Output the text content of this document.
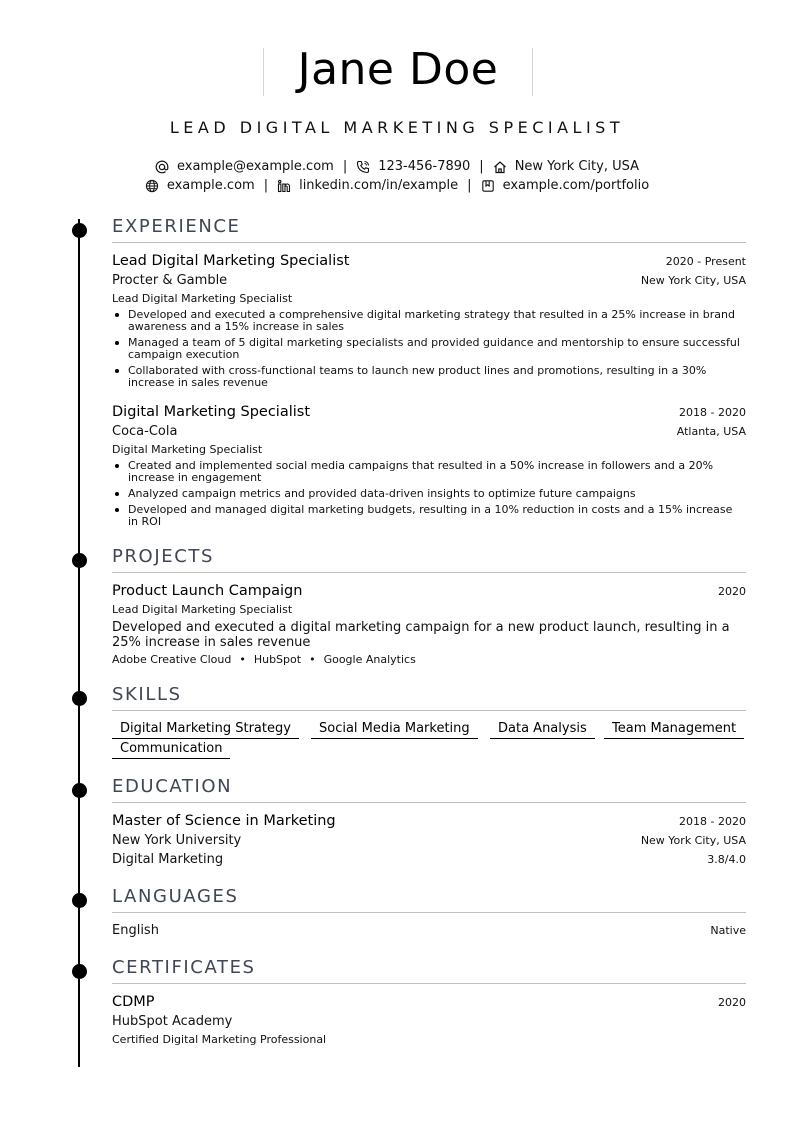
Jane Doe
LEAD DIGITAL MARKETING SPECIALIST
example@example.com | 123-456-7890 | New York City, USA
example.com | linkedin.com/in/example | example.com/portfolio
EXPERIENCE
Lead Digital Marketing Specialist	2020 - Present
Procter & Gamble	New York City, USA
Lead Digital Marketing Specialist
Developed and executed a comprehensive digital marketing strategy that resulted in a 25% increase in brand awareness and a 15% increase in sales
Managed a team of 5 digital marketing specialists and provided guidance and mentorship to ensure successful campaign execution
Collaborated with cross-functional teams to launch new product lines and promotions, resulting in a 30% increase in sales revenue
Digital Marketing Specialist	2018 - 2020
Coca-Cola	Atlanta, USA
Digital Marketing Specialist
Created and implemented social media campaigns that resulted in a 50% increase in followers and a 20% increase in engagement
Analyzed campaign metrics and provided data-driven insights to optimize future campaigns
Developed and managed digital marketing budgets, resulting in a 10% reduction in costs and a 15% increase in ROI
PROJECTS
Product Launch Campaign	2020
Lead Digital Marketing Specialist
Developed and executed a digital marketing campaign for a new product launch, resulting in a 25% increase in sales revenue
Adobe Creative Cloud • HubSpot • Google Analytics
SKILLS
Digital Marketing Strategy	Social Media Marketing	Data Analysis	Team Management
Communication
EDUCATION
Master of Science in Marketing	2018 - 2020
New York University	New York City, USA
Digital Marketing	3.8/4.0
LANGUAGES
English	Native
CERTIFICATES
CDMP	2020
HubSpot Academy
Certified Digital Marketing Professional
